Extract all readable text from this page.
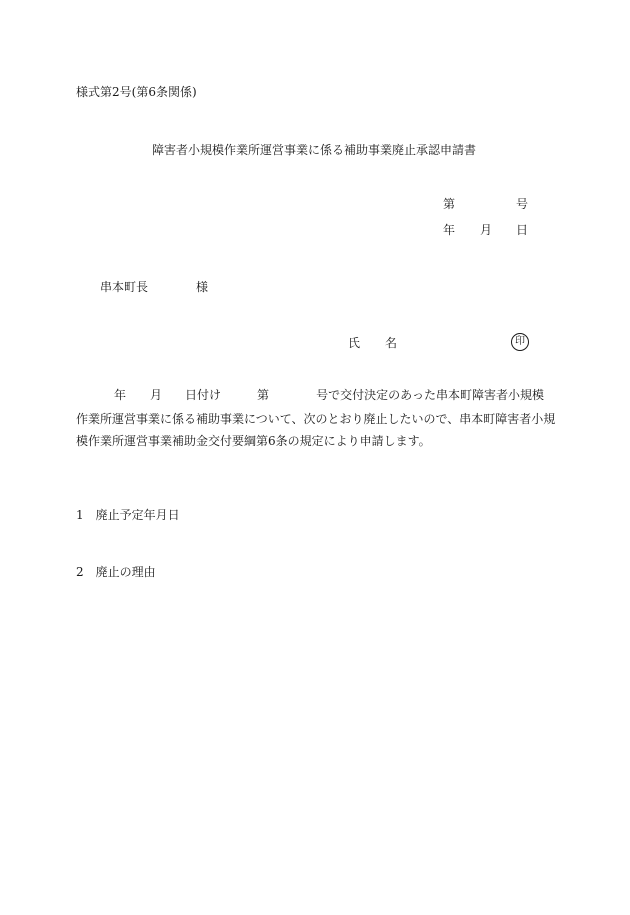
様式第2号(第6条関係)
障害者小規模作業所運営事業に係る補助事業廃止承認申請書
第	号
年 月 日
串本町長	様
氏 名	印
年 月 日付け	第	号で交付決定のあった串本町障害者小規模
作業所運営事業に係る補助事業について、次のとおり廃止したいので、串本町障害者小規
模作業所運営事業補助金交付要綱第6条の規定により申請します。
1　廃止予定年月日
2　廃止の理由
